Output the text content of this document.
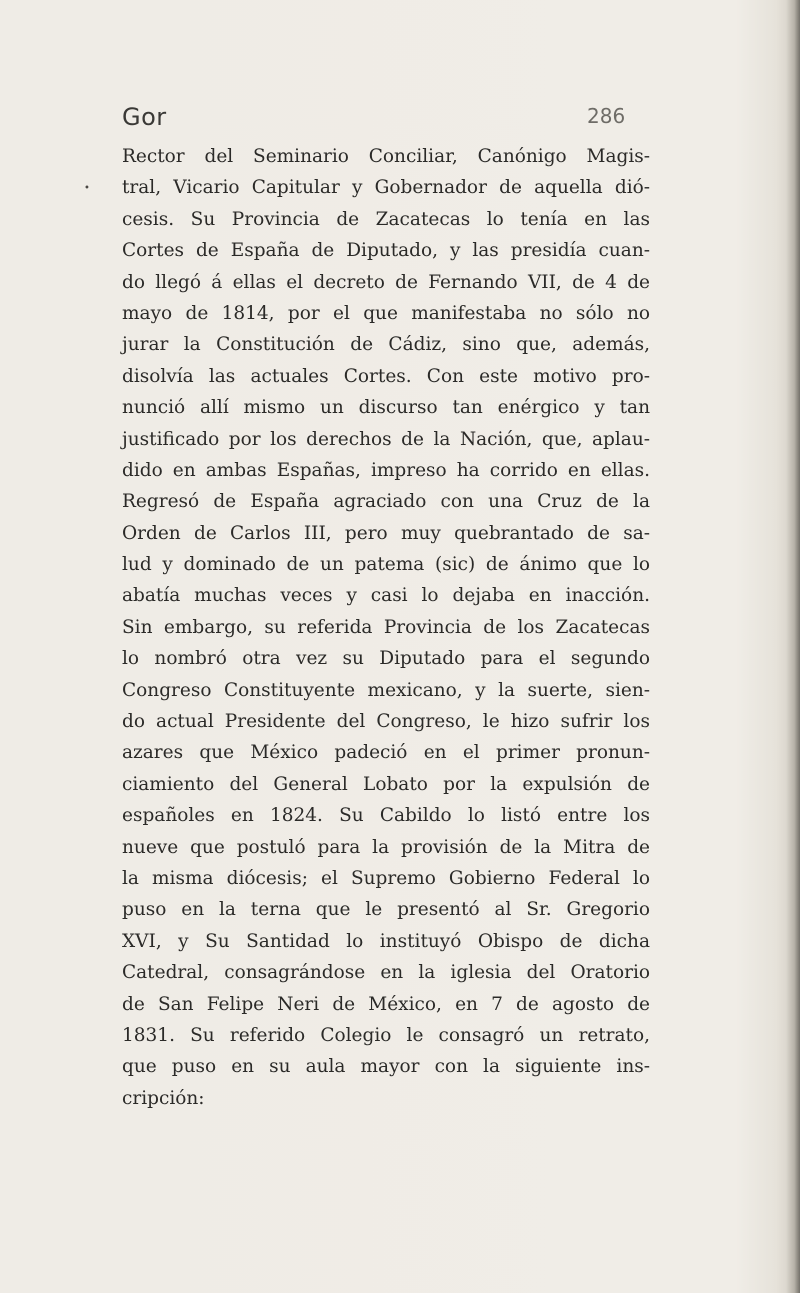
Gor	286
•
Rector del Seminario Conciliar, Canónigo Magis-
tral, Vicario Capitular y Gobernador de aquella dió-
cesis. Su Provincia de Zacatecas lo tenía en las
Cortes de España de Diputado, y las presidía cuan-
do llegó á ellas el decreto de Fernando VII, de 4 de
mayo de 1814, por el que manifestaba no sólo no
jurar la Constitución de Cádiz, sino que, además,
disolvía las actuales Cortes. Con este motivo pro-
nunció allí mismo un discurso tan enérgico y tan
justificado por los derechos de la Nación, que, aplau-
dido en ambas Españas, impreso ha corrido en ellas.
Regresó de España agraciado con una Cruz de la
Orden de Carlos III, pero muy quebrantado de sa-
lud y dominado de un patema (sic) de ánimo que lo
abatía muchas veces y casi lo dejaba en inacción.
Sin embargo, su referida Provincia de los Zacatecas
lo nombró otra vez su Diputado para el segundo
Congreso Constituyente mexicano, y la suerte, sien-
do actual Presidente del Congreso, le hizo sufrir los
azares que México padeció en el primer pronun-
ciamiento del General Lobato por la expulsión de
españoles en 1824. Su Cabildo lo listó entre los
nueve que postuló para la provisión de la Mitra de
la misma diócesis; el Supremo Gobierno Federal lo
puso en la terna que le presentó al Sr. Gregorio
XVI, y Su Santidad lo instituyó Obispo de dicha
Catedral, consagrándose en la iglesia del Oratorio
de San Felipe Neri de México, en 7 de agosto de
1831. Su referido Colegio le consagró un retrato,
que puso en su aula mayor con la siguiente ins-
cripción:
